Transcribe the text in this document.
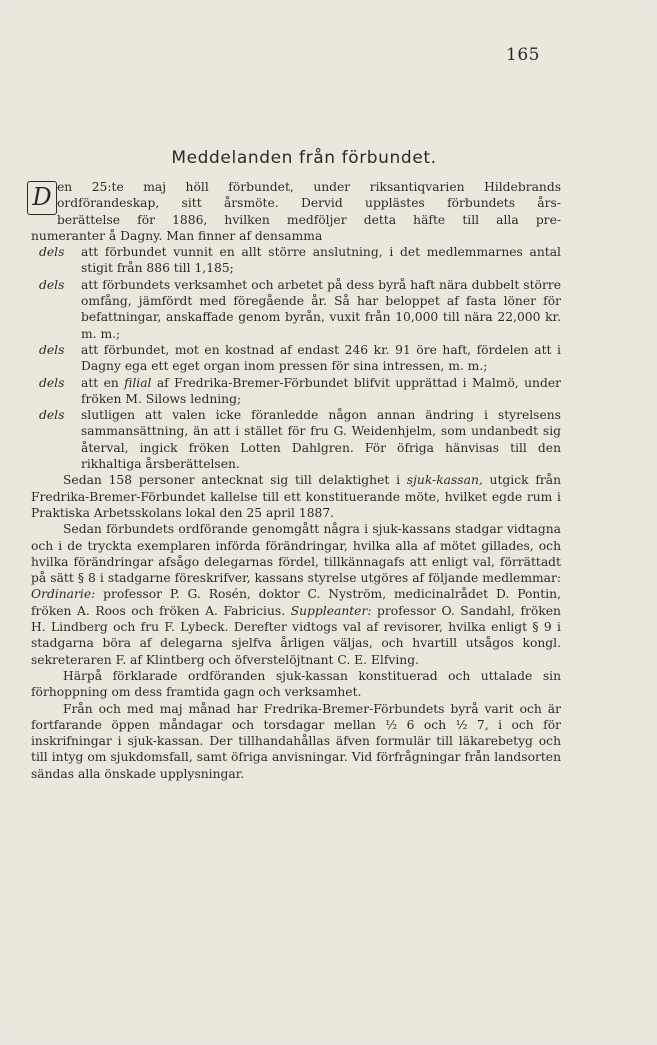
165
Meddelanden från förbundet.
D en 25:te maj höll förbundet, under riksantiqvarien Hildebrands
ordförandeskap, sitt årsmöte. Dervid upplästes förbundets års-
berättelse för 1886, hvilken medföljer detta häfte till alla pre-
numeranter å Dagny. Man finner af densamma
dels	att förbundet vunnit en allt större anslutning, i det medlemmarnes antal stigit från 886 till 1,185;
dels	att förbundets verksamhet och arbetet på dess byrå haft nära dubbelt större omfång, jämfördt med föregående år. Så har beloppet af fasta löner för befattningar, anskaffade genom byrån, vuxit från 10,000 till nära 22,000 kr. m. m.;
dels	att förbundet, mot en kostnad af endast 246 kr. 91 öre haft, fördelen att i Dagny ega ett eget organ inom pressen för sina intressen, m. m.;
dels	att en filial af Fredrika-Bremer-Förbundet blifvit upprättad i Malmö, under fröken M. Silows ledning;
dels	slutligen att valen icke föranledde någon annan ändring i styrelsens sammansättning, än att i stället för fru G. Weidenhjelm, som undanbedt sig återval, ingick fröken Lotten Dahlgren. För öfriga hänvisas till den rikhaltiga årsberättelsen.

Sedan 158 personer antecknat sig till delaktighet i sjuk-kassan, utgick från Fredrika-Bremer-Förbundet kallelse till ett konstituerande möte, hvilket egde rum i Praktiska Arbetsskolans lokal den 25 april 1887.

Sedan förbundets ordförande genomgått några i sjuk-kassans stadgar vidtagna och i de tryckta exemplaren införda förändringar, hvilka alla af mötet gillades, och hvilka förändringar afsågo delegarnas fördel, tillkännagafs att enligt val, förrättadt på sätt § 8 i stadgarne föreskrifver, kassans styrelse utgöres af följande medlemmar: Ordinarie: professor P. G. Rosén, doktor C. Nyström, medicinalrådet D. Pontin, fröken A. Roos och fröken A. Fabricius. Suppleanter: professor O. Sandahl, fröken H. Lindberg och fru F. Lybeck. Derefter vidtogs val af revisorer, hvilka enligt § 9 i stadgarna böra af delegarna sjelfva årligen väljas, och hvartill utsågos kongl. sekreteraren F. af Klintberg och öfverstelöjtnant C. E. Elfving.

Härpå förklarade ordföranden sjuk-kassan konstituerad och uttalade sin förhoppning om dess framtida gagn och verksamhet.

Från och med maj månad har Fredrika-Bremer-Förbundets byrå varit och är fortfarande öppen måndagar och torsdagar mellan ½ 6 och ½ 7, i och för inskrifningar i sjuk-kassan. Der tillhandahållas äfven formulär till läkarebetyg och till intyg om sjukdomsfall, samt öfriga anvisningar. Vid förfrågningar från landsorten sändas alla önskade upplysningar.
